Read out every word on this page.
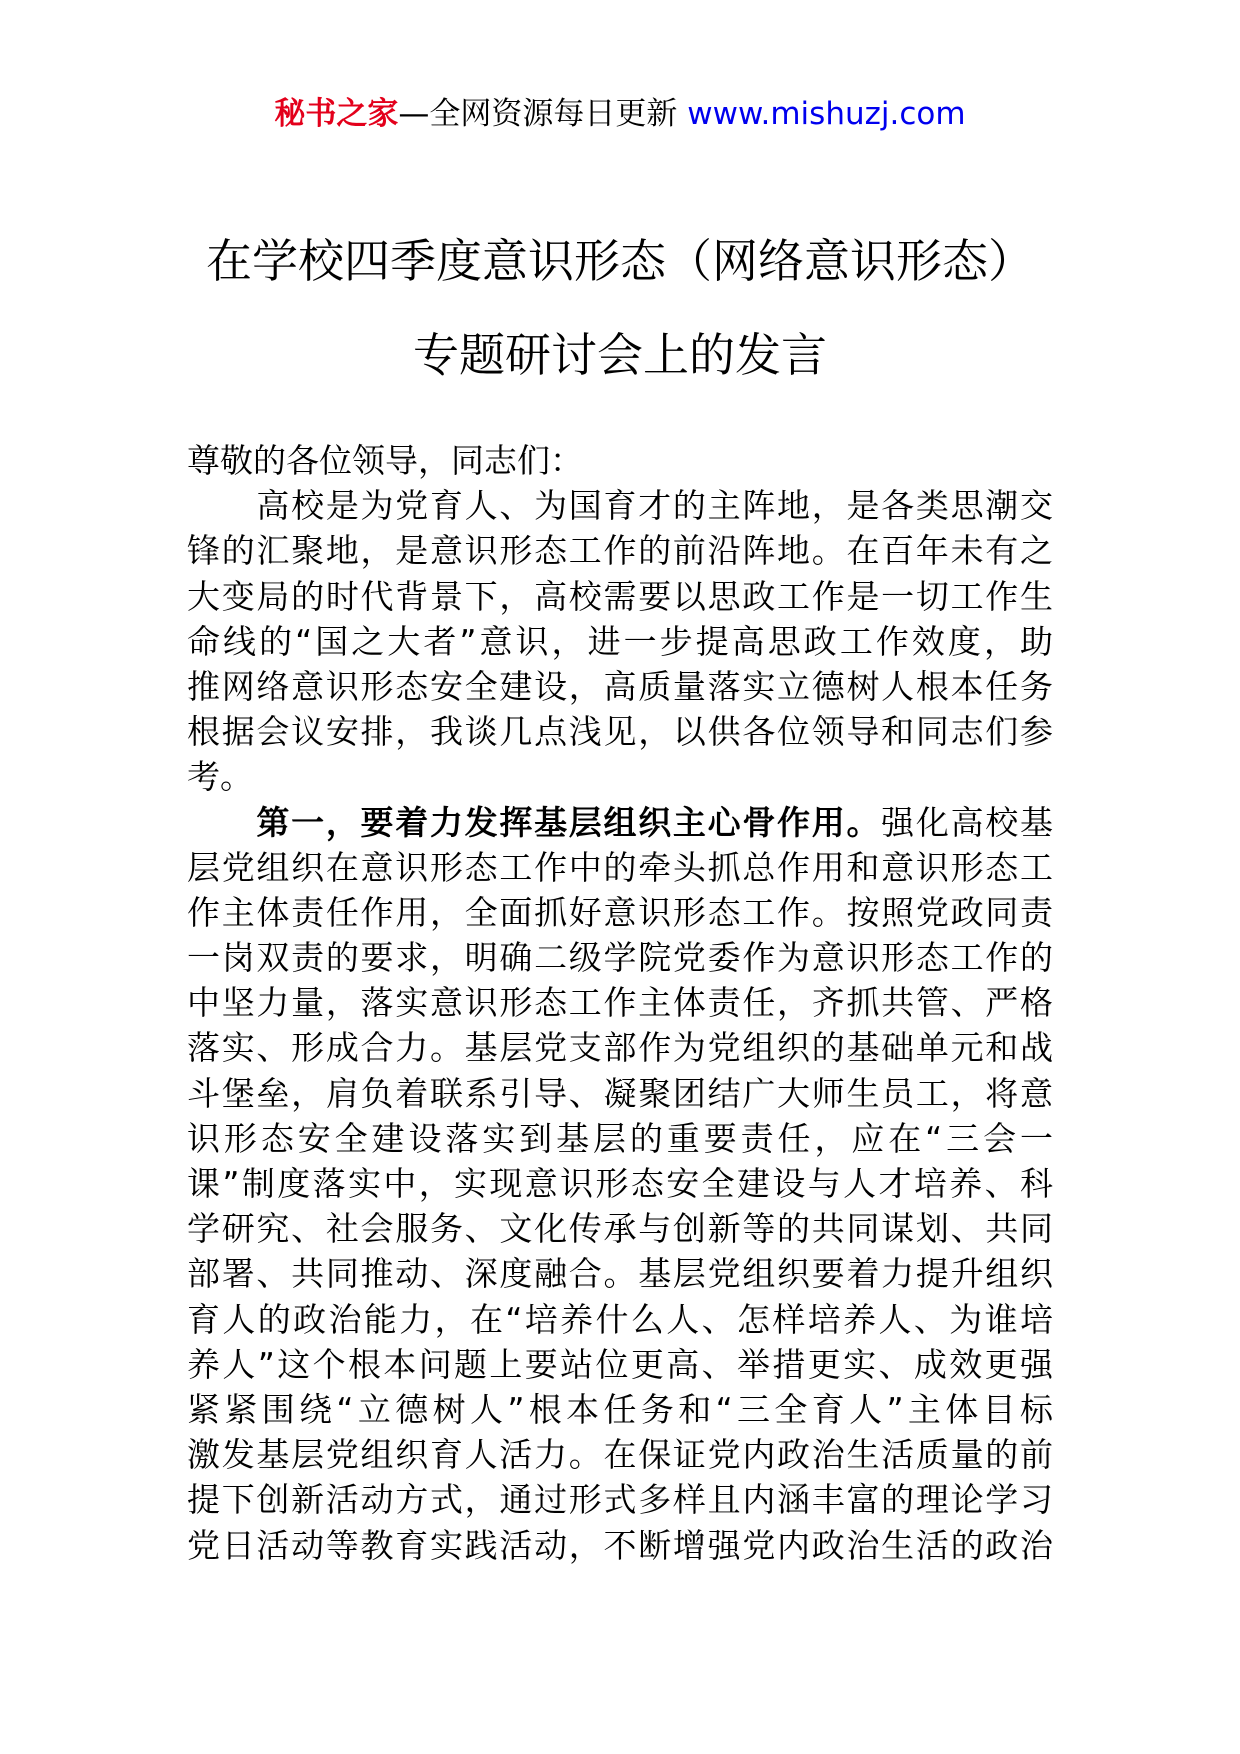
秘书之家—全网资源每日更新 www.mishuzj.com
在学校四季度意识形态（网络意识形态）
专题研讨会上的发言
尊敬的各位领导，同志们：
　　高校是为党育人、为国育才的主阵地，是各类思潮交
锋的汇聚地，是意识形态工作的前沿阵地。在百年未有之
大变局的时代背景下，高校需要以思政工作是一切工作生
命线的“国之大者”意识，进一步提高思政工作效度，助
推网络意识形态安全建设，高质量落实立德树人根本任务
根据会议安排，我谈几点浅见，以供各位领导和同志们参
考。
　　第一，要着力发挥基层组织主心骨作用。强化高校基
层党组织在意识形态工作中的牵头抓总作用和意识形态工
作主体责任作用，全面抓好意识形态工作。按照党政同责
一岗双责的要求，明确二级学院党委作为意识形态工作的
中坚力量，落实意识形态工作主体责任，齐抓共管、严格
落实、形成合力。基层党支部作为党组织的基础单元和战
斗堡垒，肩负着联系引导、凝聚团结广大师生员工，将意
识形态安全建设落实到基层的重要责任，应在“三会一
课”制度落实中，实现意识形态安全建设与人才培养、科
学研究、社会服务、文化传承与创新等的共同谋划、共同
部署、共同推动、深度融合。基层党组织要着力提升组织
育人的政治能力，在“培养什么人、怎样培养人、为谁培
养人”这个根本问题上要站位更高、举措更实、成效更强
紧紧围绕“立德树人”根本任务和“三全育人”主体目标
激发基层党组织育人活力。在保证党内政治生活质量的前
提下创新活动方式，通过形式多样且内涵丰富的理论学习
党日活动等教育实践活动，不断增强党内政治生活的政治
